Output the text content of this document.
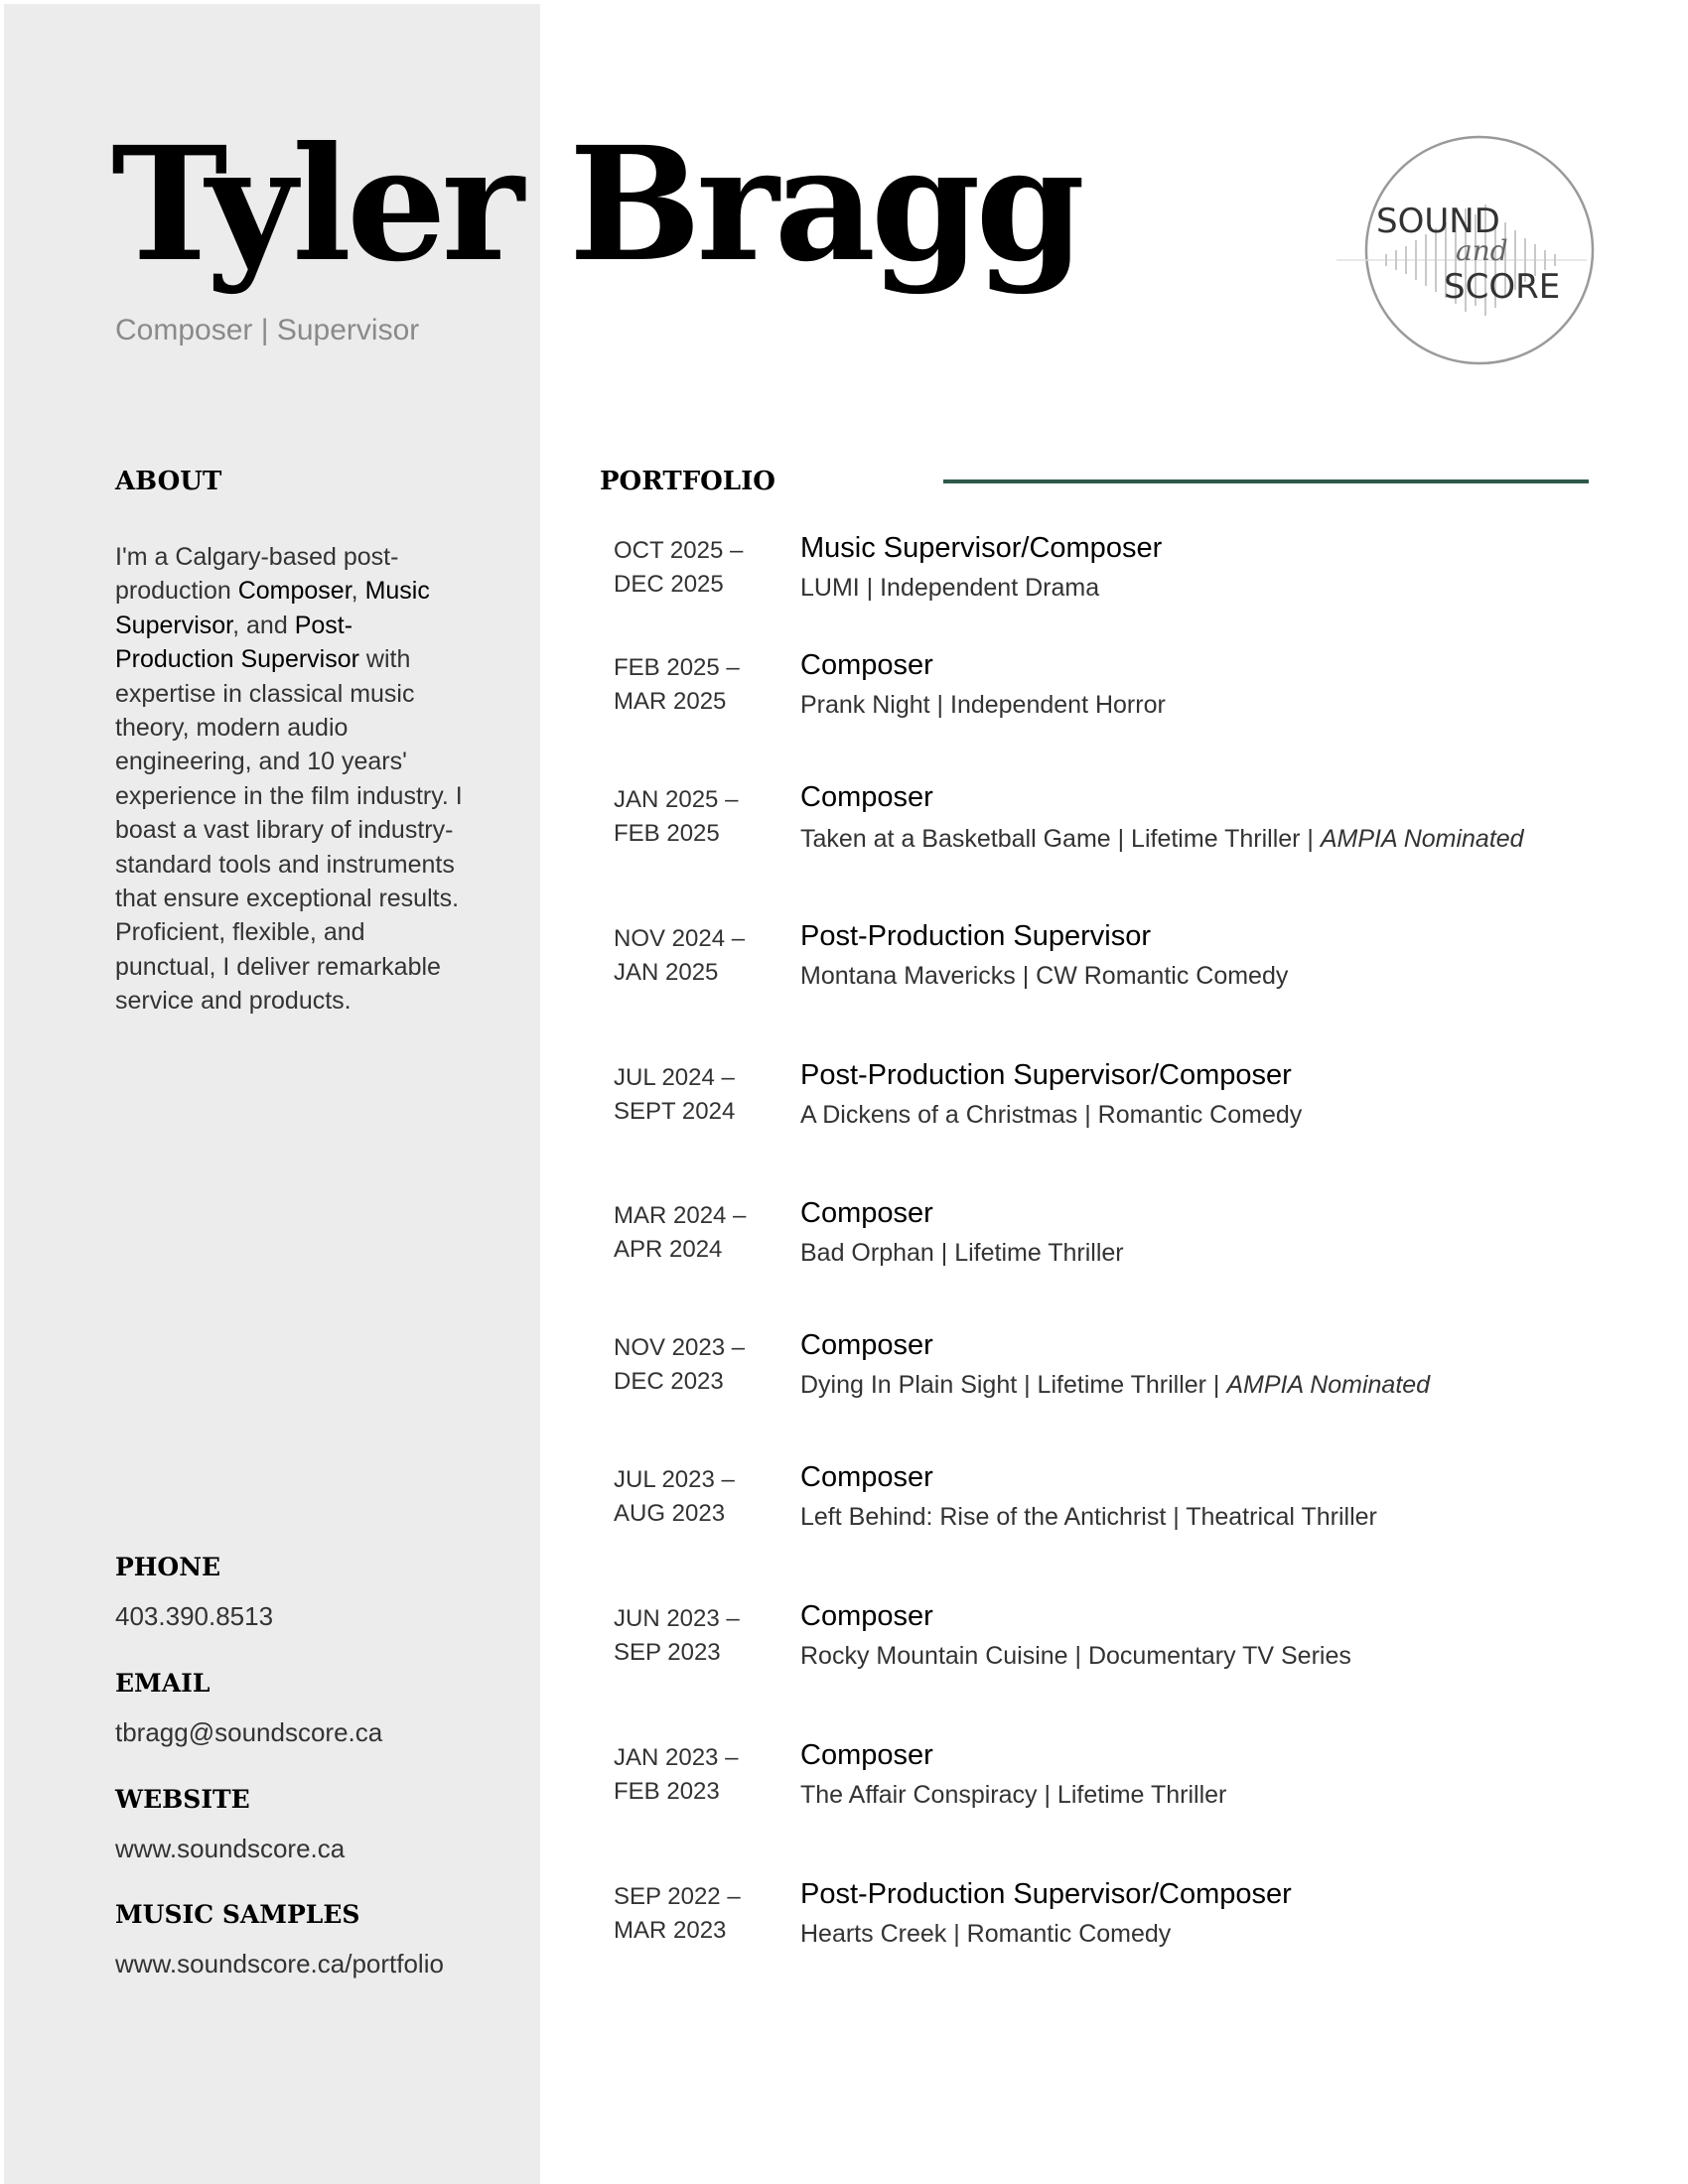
Tyler Bragg
Composer | Supervisor
SOUND
and
SCORE
ABOUT

I'm a Calgary-based post-production Composer, Music Supervisor, and Post-Production Supervisor with expertise in classical music theory, modern audio engineering, and 10 years' experience in the film industry. I boast a vast library of industry-standard tools and instruments that ensure exceptional results. Proficient, flexible, and punctual, I deliver remarkable service and products.

PORTFOLIO
OCT 2025 –
DEC 2025
Music Supervisor/Composer
LUMI | Independent Drama
FEB 2025 –
MAR 2025
Composer
Prank Night | Independent Horror
JAN 2025 –
FEB 2025
Composer
Taken at a Basketball Game | Lifetime Thriller | AMPIA Nominated
NOV 2024 –
JAN 2025
Post-Production Supervisor
Montana Mavericks | CW Romantic Comedy
JUL 2024 –
SEPT 2024
Post-Production Supervisor/Composer
A Dickens of a Christmas | Romantic Comedy
MAR 2024 –
APR 2024
Composer
Bad Orphan | Lifetime Thriller
NOV 2023 –
DEC 2023
Composer
Dying In Plain Sight | Lifetime Thriller | AMPIA Nominated
JUL 2023 –
AUG 2023
Composer
Left Behind: Rise of the Antichrist | Theatrical Thriller
JUN 2023 –
SEP 2023
Composer
Rocky Mountain Cuisine | Documentary TV Series
JAN 2023 –
FEB 2023
Composer
The Affair Conspiracy | Lifetime Thriller
SEP 2022 –
MAR 2023
Post-Production Supervisor/Composer
Hearts Creek | Romantic Comedy
PHONE
403.390.8513
EMAIL
tbragg@soundscore.ca
WEBSITE
www.soundscore.ca
MUSIC SAMPLES
www.soundscore.ca/portfolio
